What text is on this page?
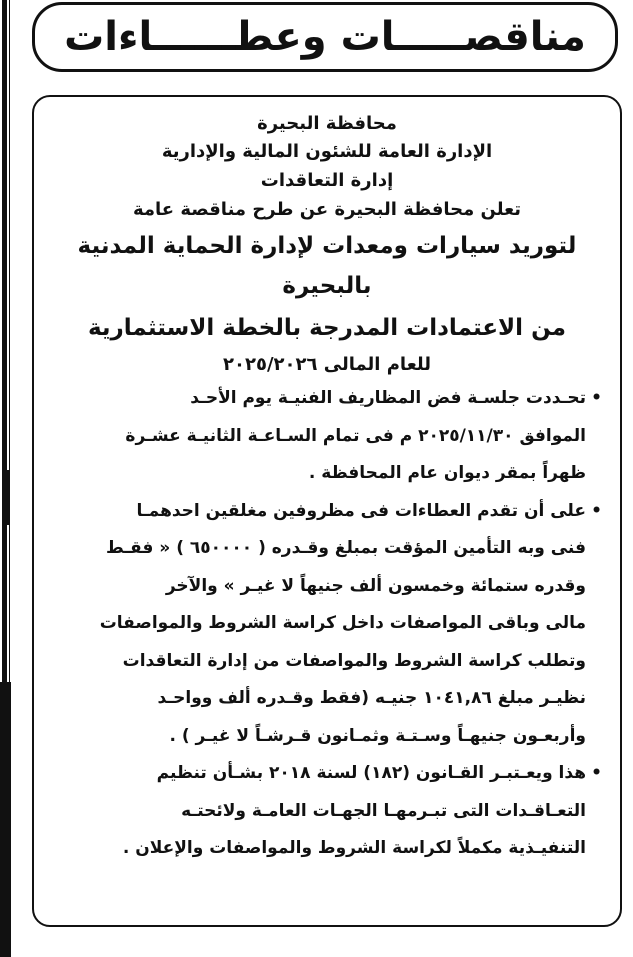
مناقصـــــات وعطــــــاءات
محافظة البحيرة
الإدارة العامة للشئون المالية والإدارية
إدارة التعاقدات
تعلن محافظة البحيرة عن طرح مناقصة عامة
لتوريد سيارات ومعدات لإدارة الحماية المدنية بالبحيرة
من الاعتمادات المدرجة بالخطة الاستثمارية
للعام المالى ٢٠٢٥/٢٠٢٦
•
تحـددت جلسـة فض المظاريف الفنيـة يوم الأحـد
الموافق ٢٠٢٥/١١/٣٠ م فى تمام السـاعـة الثانيـة عشـرة
ظهراً بمقر ديوان عام المحافظة .
•
على أن تقدم العطاءات فى مظروفين مغلقين احدهمـا
فنى وبه التأمين المؤقت بمبلغ وقـدره ( ٦٥٠٠٠٠ ) « فقـط
وقدره ستمائة وخمسون ألف جنيهاً لا غيـر » والآخر
مالى وباقى المواصفات داخل كراسة الشروط والمواصفات
وتطلب كراسة الشروط والمواصفات من إدارة التعاقدات
نظيـر مبلغ ١٠٤١,٨٦ جنيـه (فقط وقـدره ألف وواحـد
وأربعـون جنيهـاً وسـتـة وثمـانون قـرشـاً لا غيـر ) .
•
هذا ويعـتبـر القـانون (١٨٢) لسنة ٢٠١٨ بشـأن تنظيم
التعـاقـدات التى تبـرمهـا الجهـات العامـة ولائحتـه
التنفيـذية مكملاً لكراسة الشروط والمواصفات والإعلان .
